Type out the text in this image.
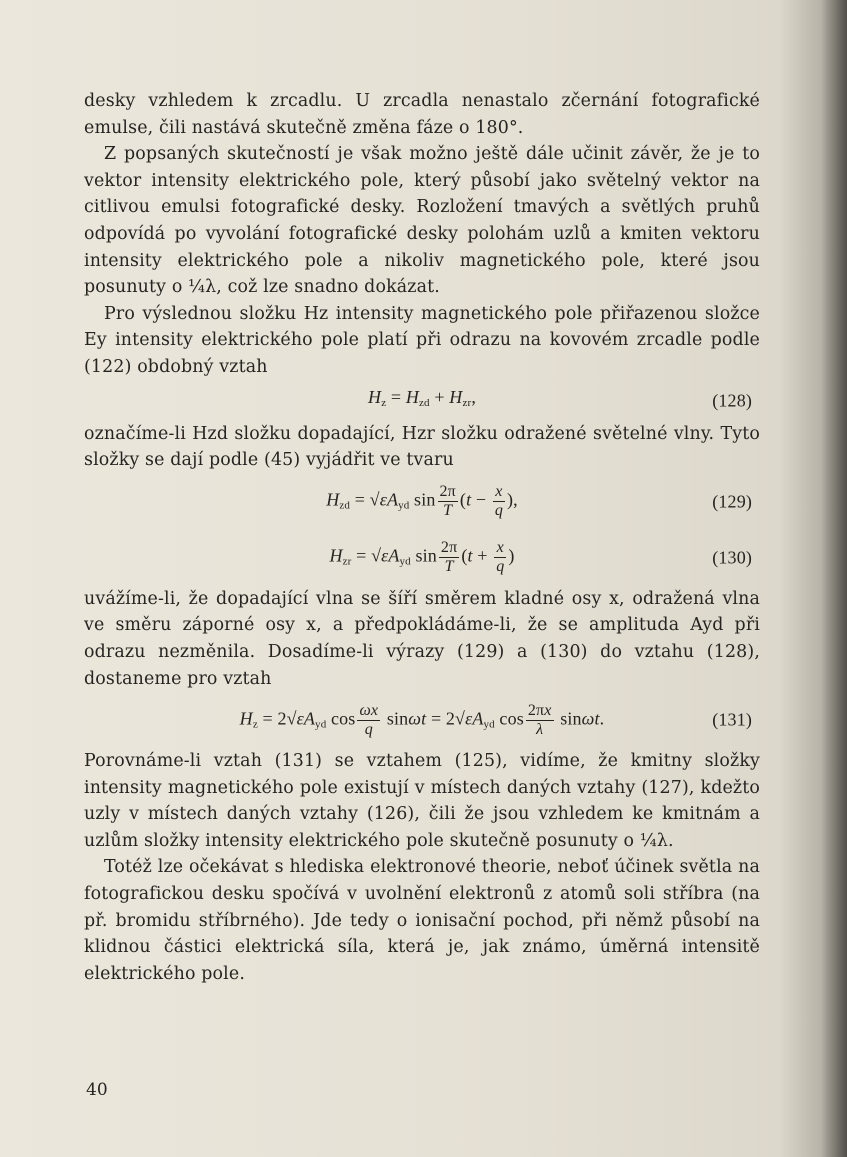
desky vzhledem k zrcadlu. U zrcadla nenastalo zčernání fotografické emulse, čili nastává skutečně změna fáze o 180°.

Z popsaných skutečností je však možno ještě dále učinit závěr, že je to vektor intensity elektrického pole, který působí jako světelný vektor na citlivou emulsi fotografické desky. Rozložení tmavých a světlých pruhů odpovídá po vyvolání fotografické desky polohám uzlů a kmiten vektoru intensity elektrického pole a nikoliv magnetického pole, které jsou posunuty o ¼λ, což lze snadno dokázat.

Pro výslednou složku Hz intensity magnetického pole přiřazenou složce Ey intensity elektrického pole platí při odrazu na kovovém zrcadle podle (122) obdobný vztah

$H_z = H_{zd} + H_{zr}$,	(128)

označíme-li Hzd složku dopadající, Hzr složku odražené světelné vlny. Tyto složky se dají podle (45) vyjádřit ve tvaru

$H_{zd} = √\varepsilon A_{yd}$ $\sin \frac{2\pi}{T} (t - \frac{x}{q}$ ),	(129)
$H_{zr} = √\varepsilon A_{yd}$ $\sin \frac{2\pi}{T} (t + \frac{x}{q}$ )	(130)

uvážíme-li, že dopadající vlna se šíří směrem kladné osy x, odražená vlna ve směru záporné osy x, a předpokládáme-li, že se amplituda Ayd při odrazu nezměnila. Dosadíme-li výrazy (129) a (130) do vztahu (128), dostaneme pro vztah

$H_z = 2√\varepsilon A_{yd}$ $\cos \frac{\omega x}{q}$ $\sin\omega t = 2√\varepsilon A_{yd}$ $\cos \frac{2\pi x}{\lambda} \sin\omega t$.	(131)

Porovnáme-li vztah (131) se vztahem (125), vidíme, že kmitny složky intensity magnetického pole existují v místech daných vztahy (127), kdežto uzly v místech daných vztahy (126), čili že jsou vzhledem ke kmitnám a uzlům složky intensity elektrického pole skutečně posunuty o ¼λ.

Totéž lze očekávat s hlediska elektronové theorie, neboť účinek světla na fotografickou desku spočívá v uvolnění elektronů z atomů soli stříbra (na př. bromidu stříbrného). Jde tedy o ionisační pochod, při němž působí na klidnou částici elektrická síla, která je, jak známo, úměrná intensitě elektrického pole.

40
